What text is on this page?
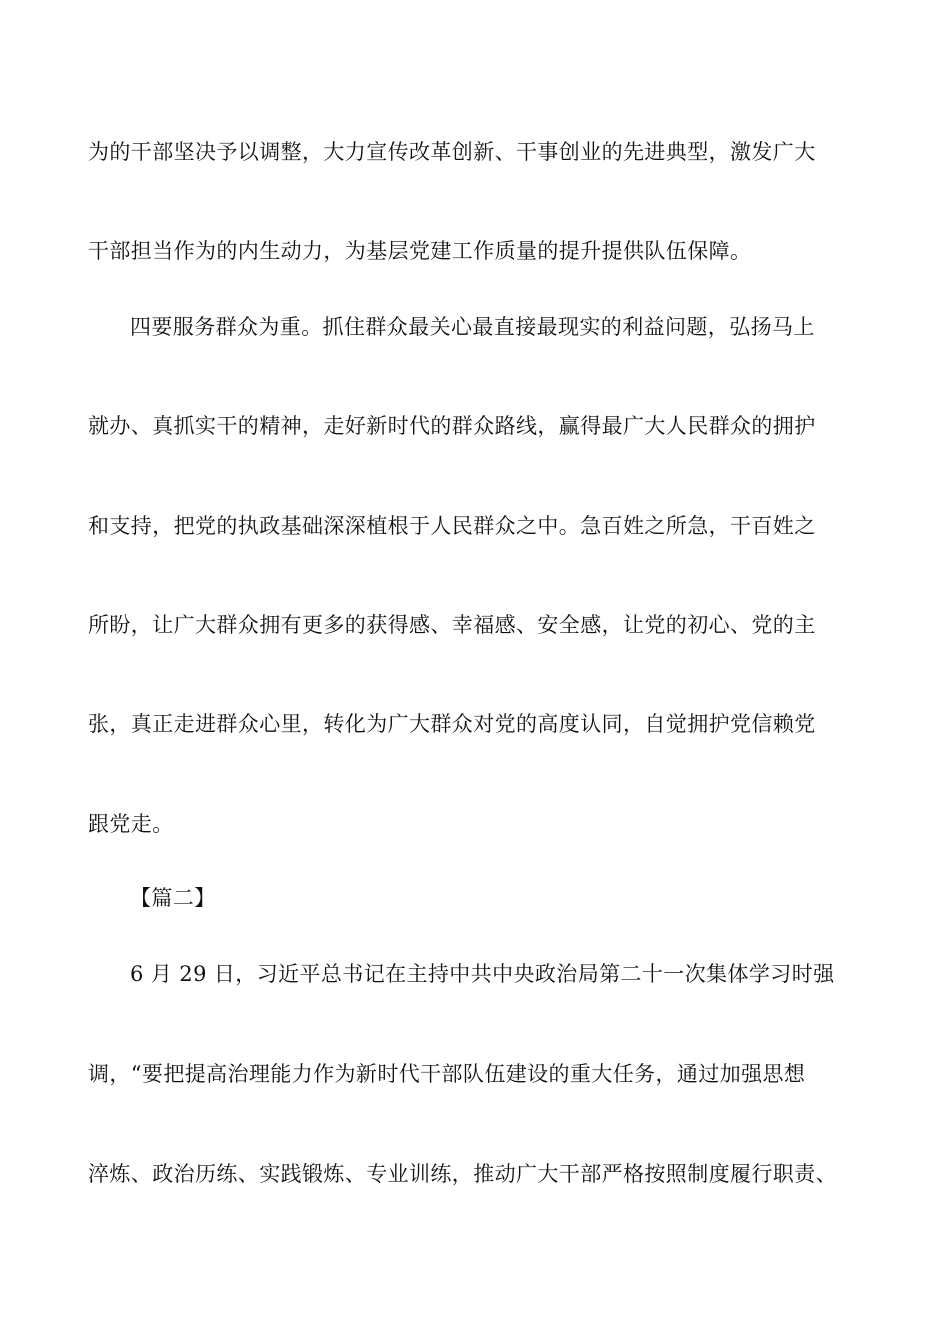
为的干部坚决予以调整，大力宣传改革创新、干事创业的先进典型，激发广大
干部担当作为的内生动力，为基层党建工作质量的提升提供队伍保障。
四要服务群众为重。抓住群众最关心最直接最现实的利益问题，弘扬马上
就办、真抓实干的精神，走好新时代的群众路线，赢得最广大人民群众的拥护
和支持，把党的执政基础深深植根于人民群众之中。急百姓之所急，干百姓之
所盼，让广大群众拥有更多的获得感、幸福感、安全感，让党的初心、党的主
张，真正走进群众心里，转化为广大群众对党的高度认同，自觉拥护党信赖党
跟党走。
【篇二】
6 月 29 日，习近平总书记在主持中共中央政治局第二十一次集体学习时强
调，“要把提高治理能力作为新时代干部队伍建设的重大任务，通过加强思想
淬炼、政治历练、实践锻炼、专业训练，推动广大干部严格按照制度履行职责、
